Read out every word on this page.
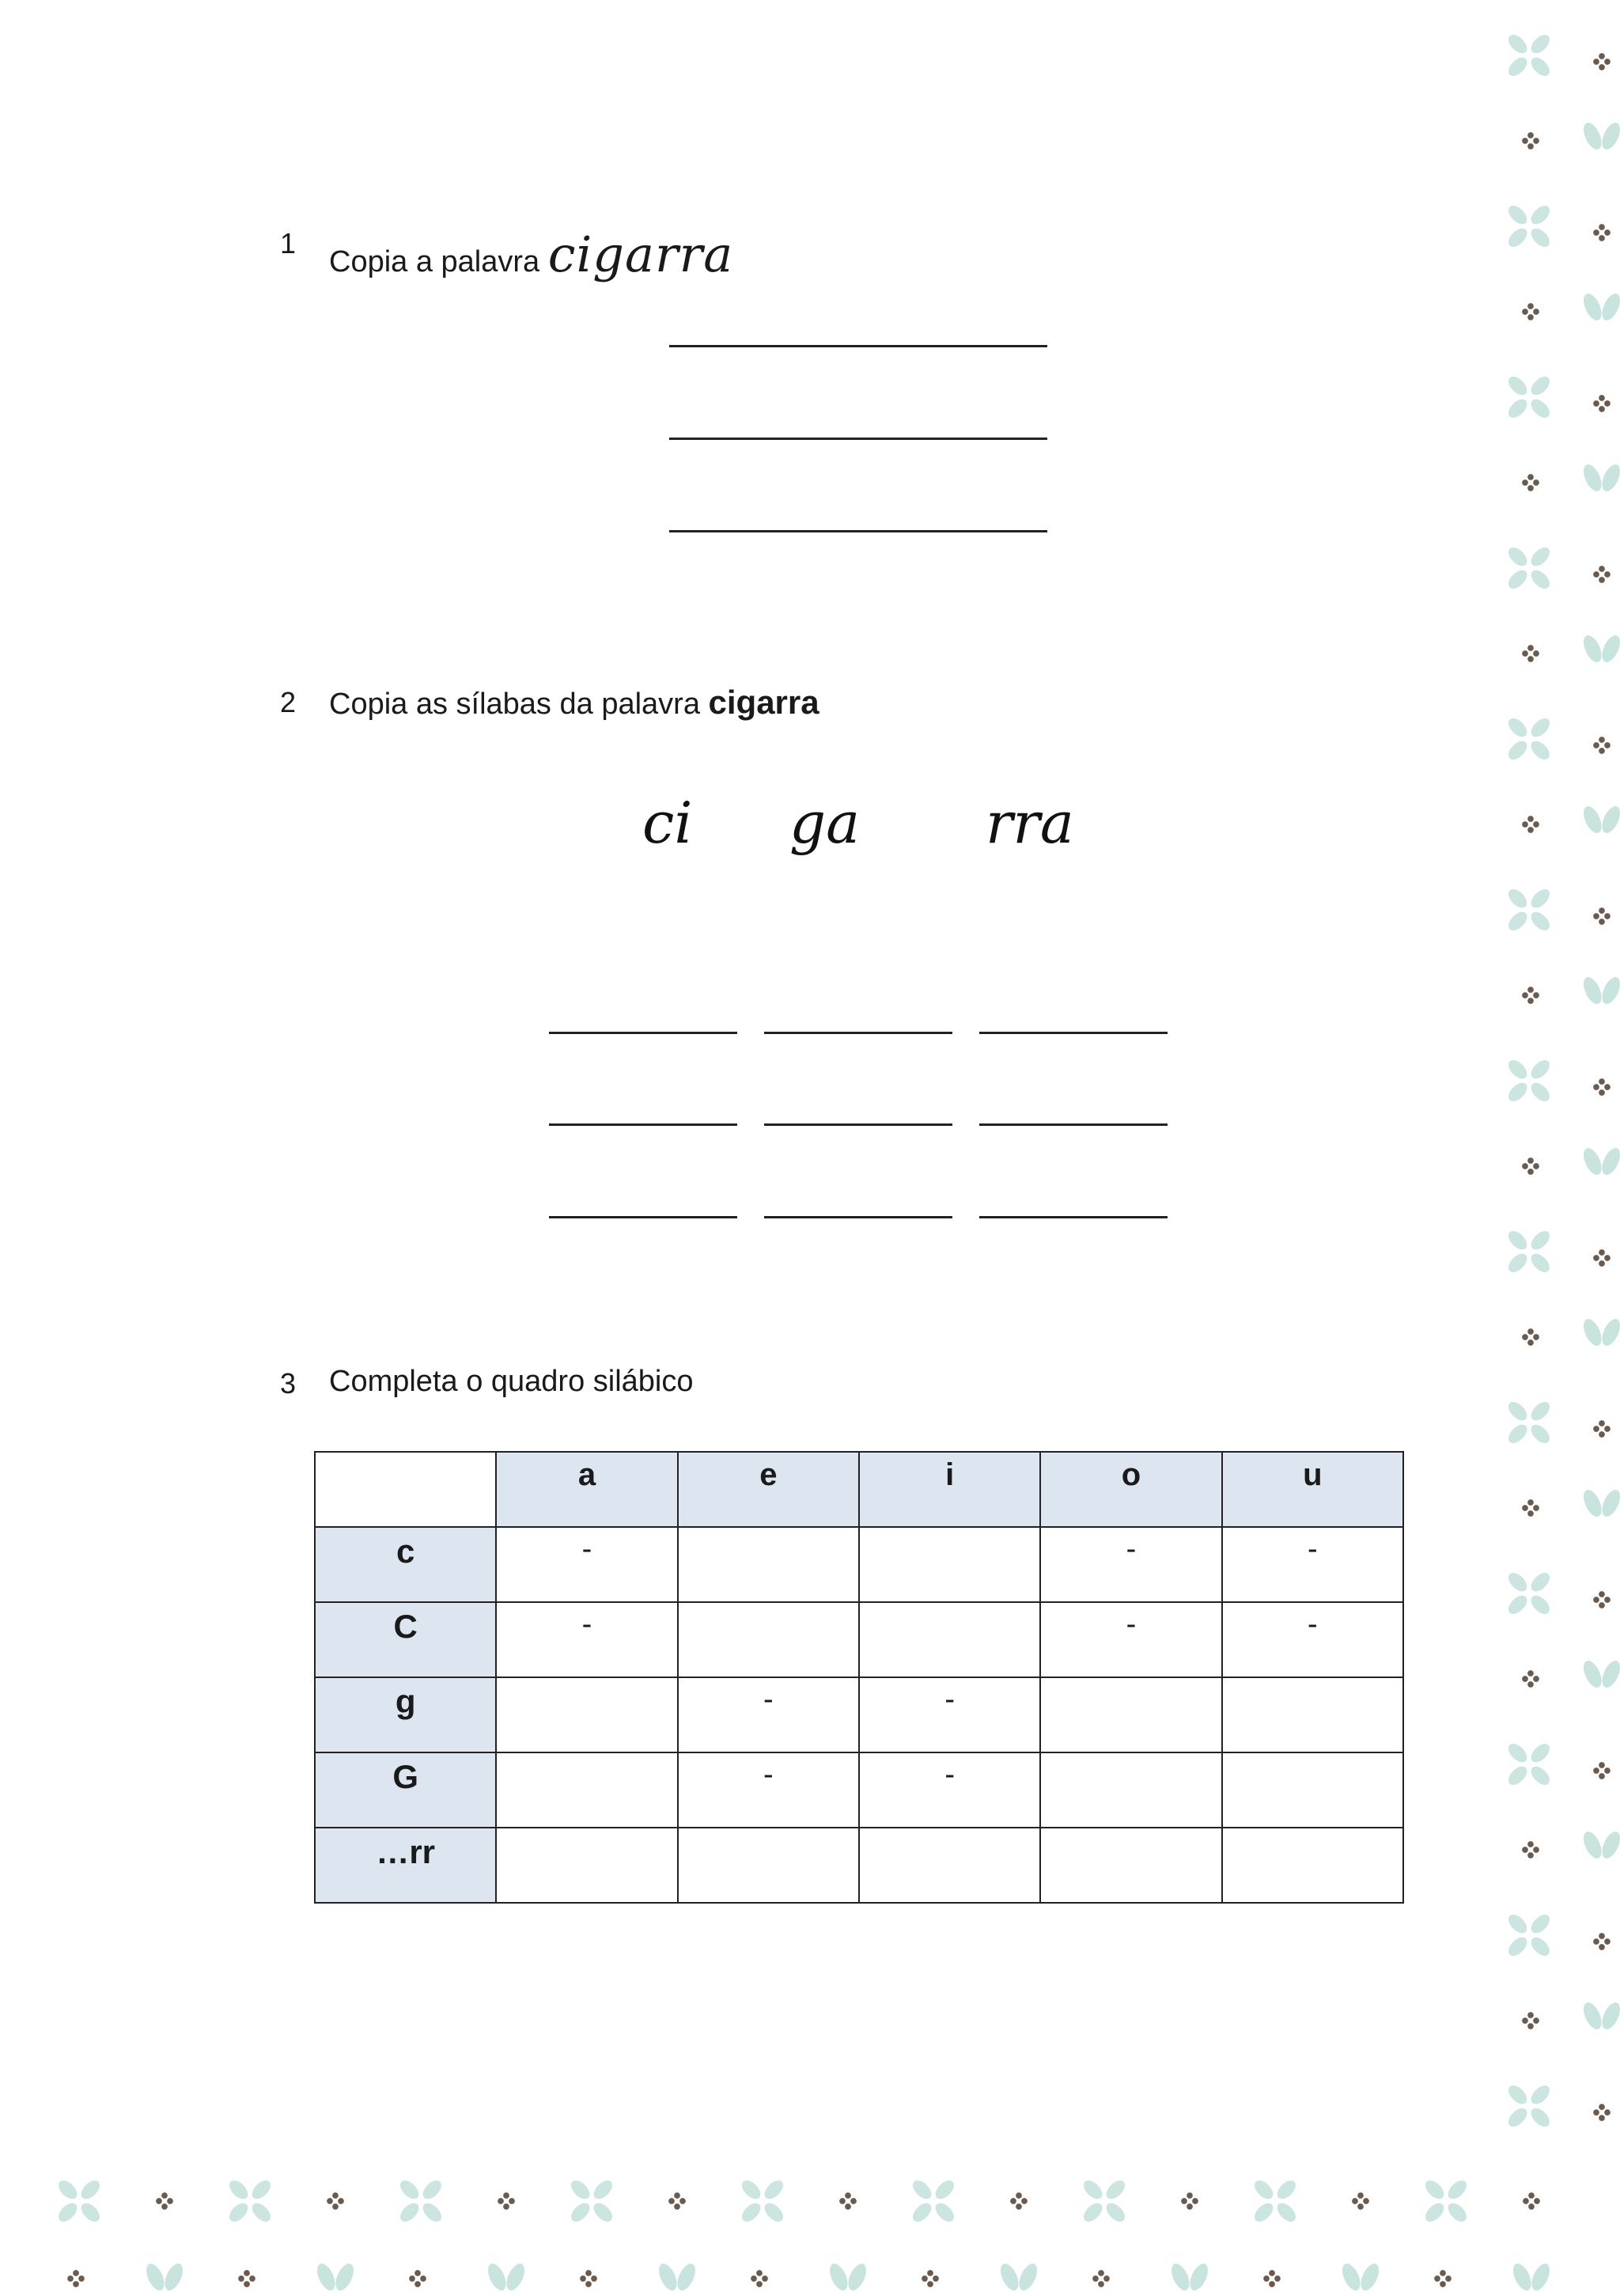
1
Copia a palavra cigarra
2 Copia as sílabas da palavra cigarra
ci ga rra
3 Completa o quadro silábico
	a	e	i	o	u
c	-			-	-
C	-			-	-
g		-	-		
G		-	-		
…rr					
